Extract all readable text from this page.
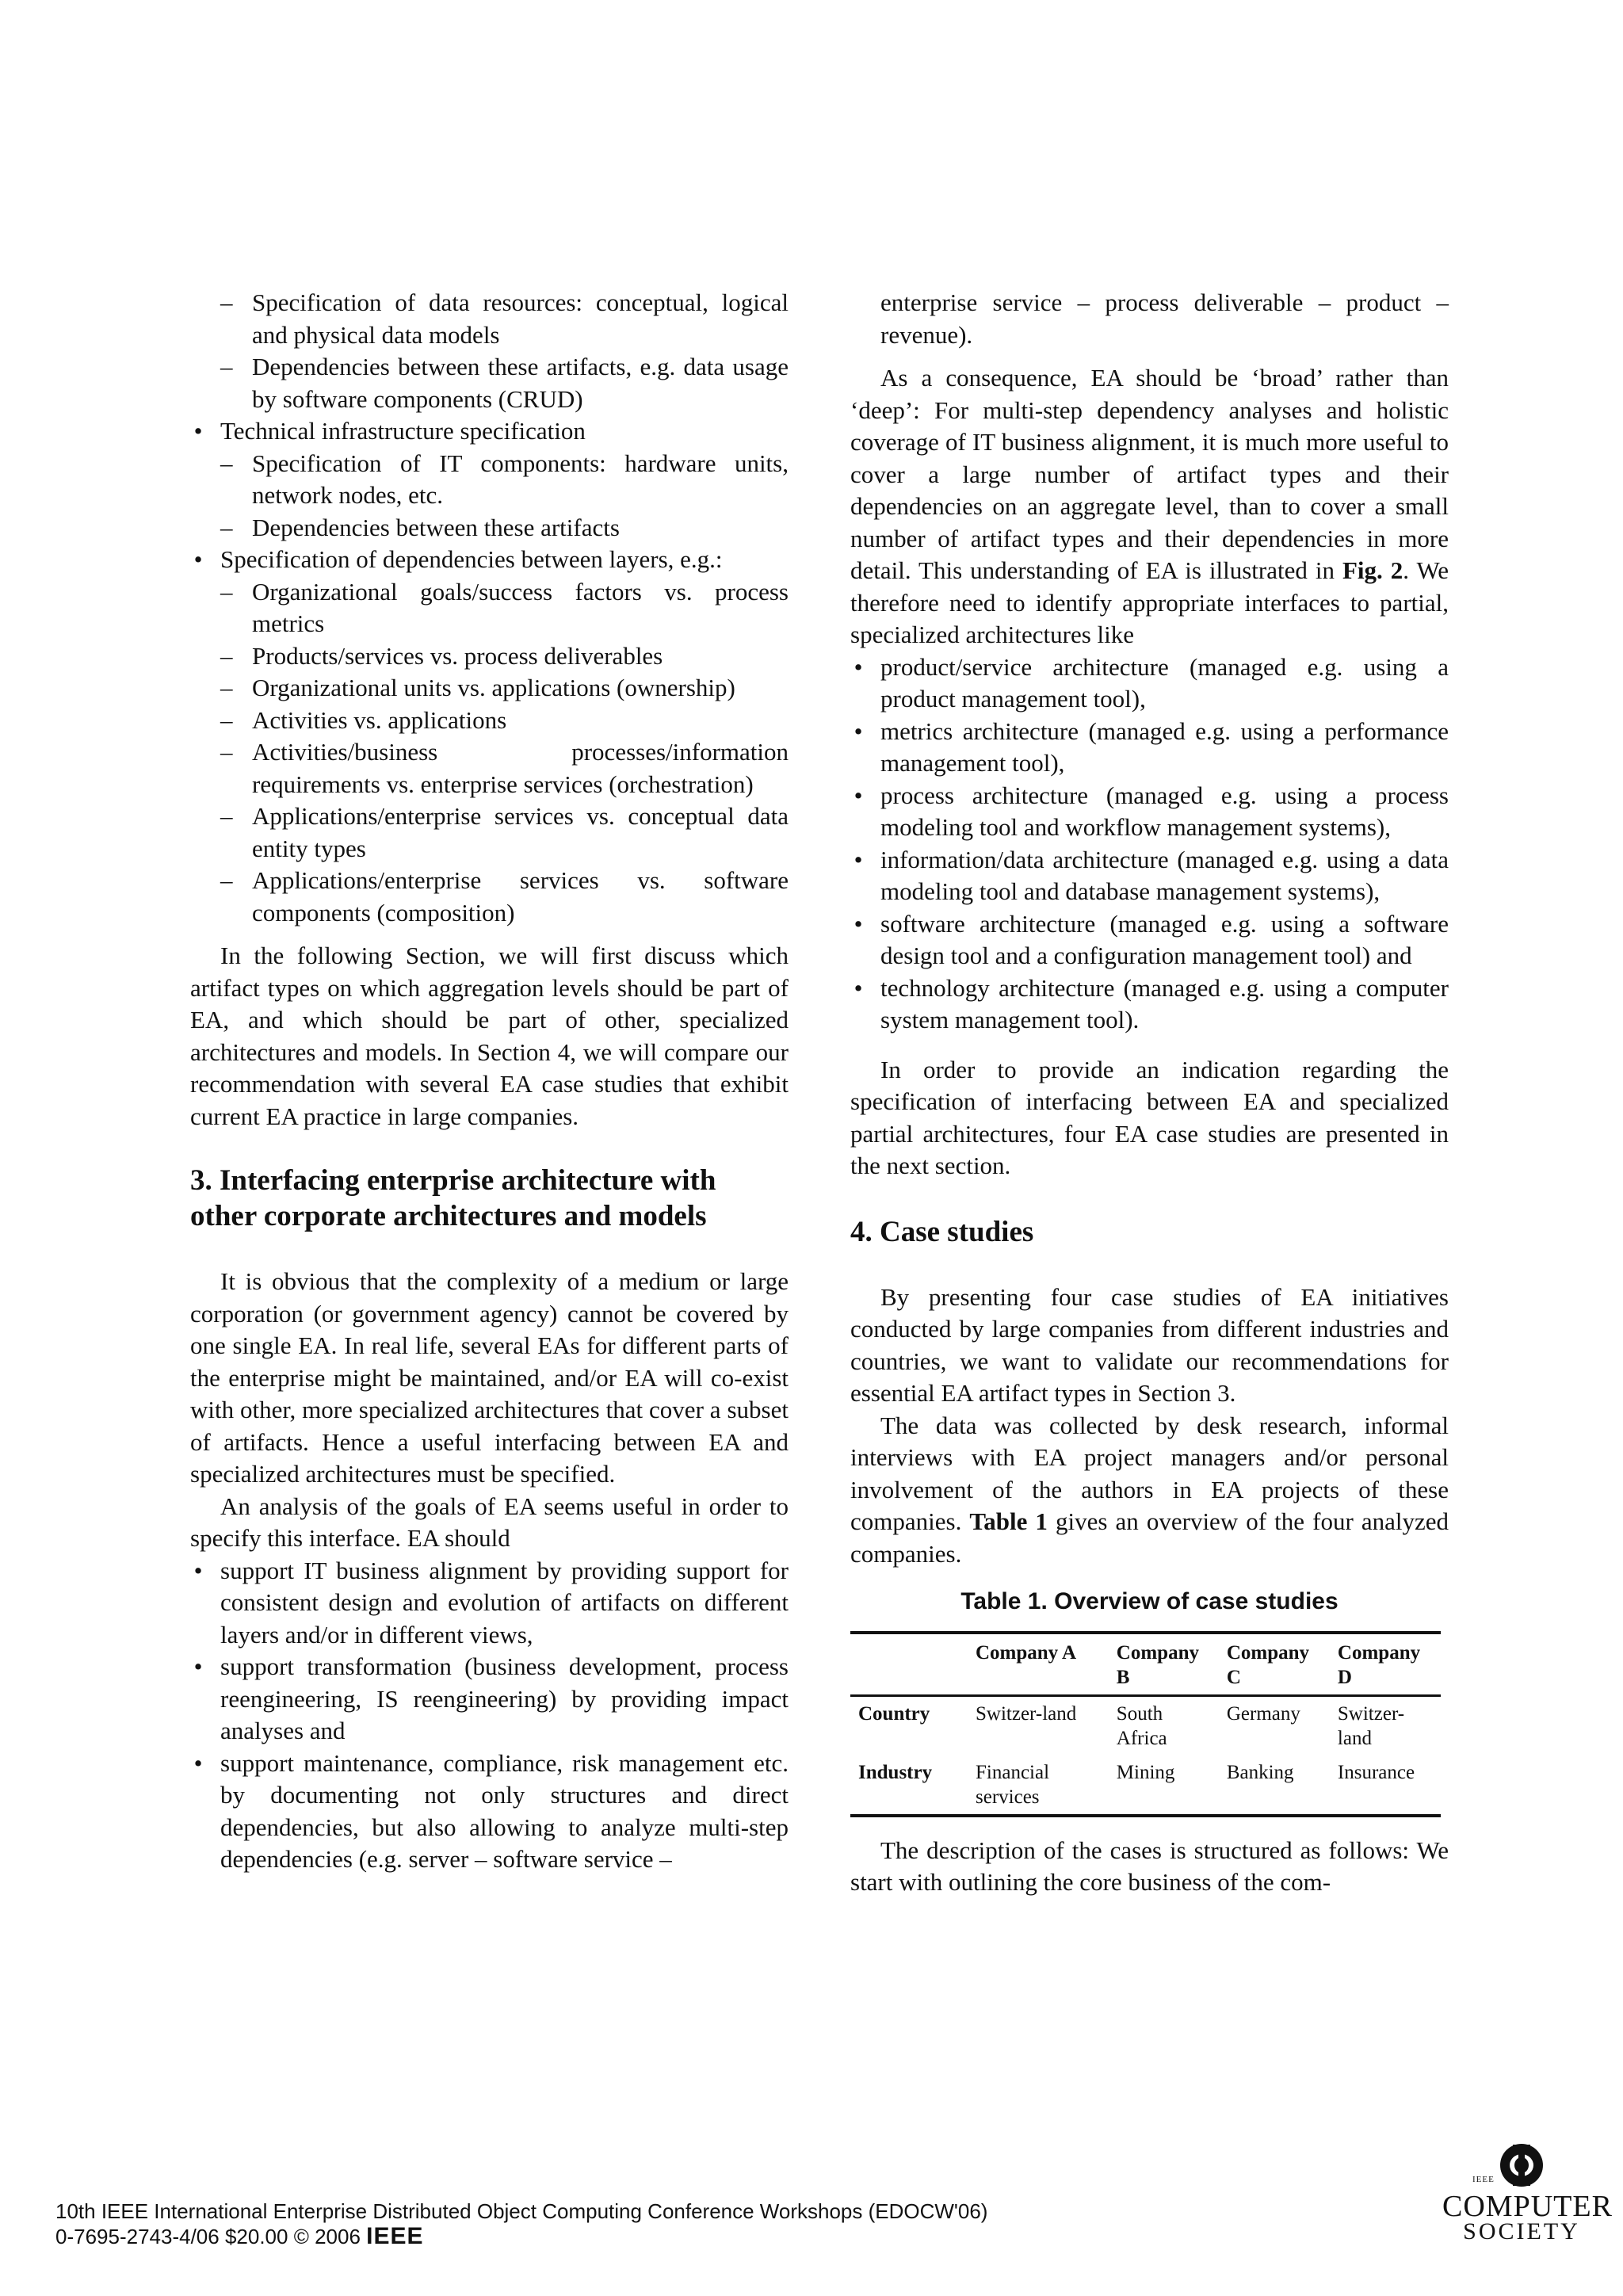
– Specification of data resources: conceptual, logical and physical data models
– Dependencies between these artifacts, e.g. data usage by software components (CRUD)
• Technical infrastructure specification
– Specification of IT components: hardware units, network nodes, etc.
– Dependencies between these artifacts
• Specification of dependencies between layers, e.g.:
– Organizational goals/success factors vs. process metrics
– Products/services vs. process deliverables
– Organizational units vs. applications (ownership)
– Activities vs. applications
– Activities/business processes/information requirements vs. enterprise services (orchestration)
– Applications/enterprise services vs. conceptual data entity types
– Applications/enterprise services vs. software components (composition)

In the following Section, we will first discuss which artifact types on which aggregation levels should be part of EA, and which should be part of other, specialized architectures and models. In Section 4, we will compare our recommendation with several EA case studies that exhibit current EA practice in large companies.

3. Interfacing enterprise architecture with other corporate architectures and models

It is obvious that the complexity of a medium or large corporation (or government agency) cannot be covered by one single EA. In real life, several EAs for different parts of the enterprise might be maintained, and/or EA will co-exist with other, more specialized architectures that cover a subset of artifacts. Hence a useful interfacing between EA and specialized architectures must be specified.

An analysis of the goals of EA seems useful in order to specify this interface. EA should

• support IT business alignment by providing support for consistent design and evolution of artifacts on different layers and/or in different views,
• support transformation (business development, process reengineering, IS reengineering) by providing impact analyses and
• support maintenance, compliance, risk management etc. by documenting not only structures and direct dependencies, but also allowing to analyze multi-step dependencies (e.g. server – software service –

enterprise service – process deliverable – product – revenue).

As a consequence, EA should be ‘broad’ rather than ‘deep’: For multi-step dependency analyses and holistic coverage of IT business alignment, it is much more useful to cover a large number of artifact types and their dependencies on an aggregate level, than to cover a small number of artifact types and their dependencies in more detail. This understanding of EA is illustrated in Fig. 2. We therefore need to identify appropriate interfaces to partial, specialized architectures like

• product/service architecture (managed e.g. using a product management tool),
• metrics architecture (managed e.g. using a performance management tool),
• process architecture (managed e.g. using a process modeling tool and workflow management systems),
• information/data architecture (managed e.g. using a data modeling tool and database management systems),
• software architecture (managed e.g. using a software design tool and a configuration management tool) and
• technology architecture (managed e.g. using a computer system management tool).

In order to provide an indication regarding the specification of interfacing between EA and specialized partial architectures, four EA case studies are presented in the next section.

4. Case studies

By presenting four case studies of EA initiatives conducted by large companies from different industries and countries, we want to validate our recommendations for essential EA artifact types in Section 3.

The data was collected by desk research, informal interviews with EA project managers and/or personal involvement of the authors in EA projects of these companies. Table 1 gives an overview of the four analyzed companies.

Table 1. Overview of case studies
	Company A	Company B	Company C	Company D
Country	Switzer-land	South Africa	Germany	Switzer-land
Industry	Financial services	Mining	Banking	Insurance

The description of the cases is structured as follows: We start with outlining the core business of the com-

10th IEEE International Enterprise Distributed Object Computing Conference Workshops (EDOCW'06)
0-7695-2743-4/06 $20.00 © 2006 IEEE
IEEE
COMPUTER
SOCIETY
